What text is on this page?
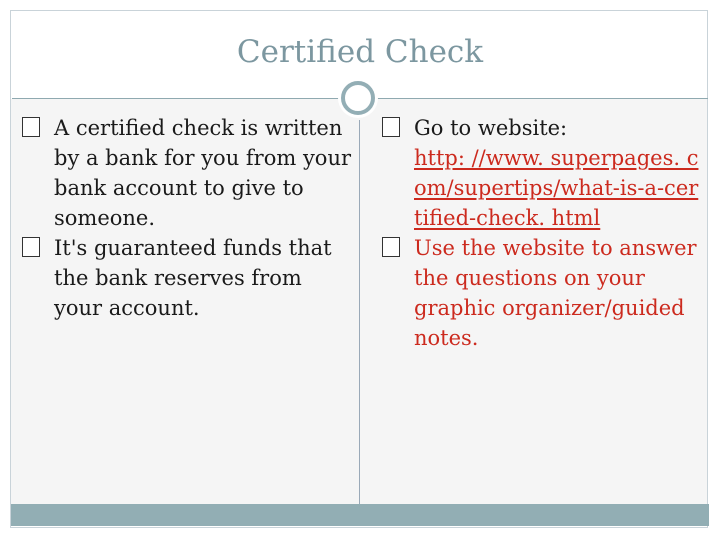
Certified Check
A certified check is written by a bank for you from your bank account to give to someone.
It's guaranteed funds that the bank reserves from your account.
Go to website:
http: //www. superpages. com/supertips/what-is-a-certified-check. html
Use the website to answer the questions on your graphic organizer/guided notes.
